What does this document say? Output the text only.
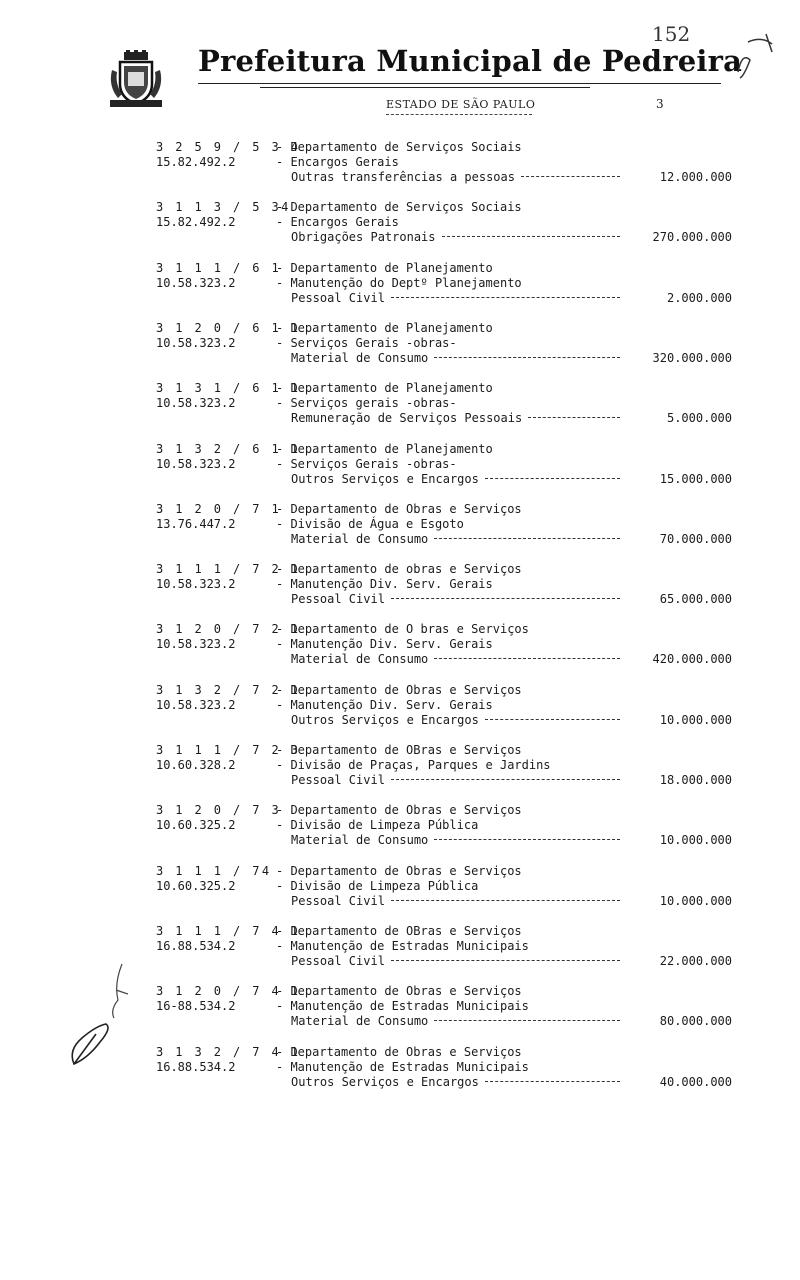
Prefeitura Municipal de Pedreira
ESTADO DE SÃO PAULO	3
152
3 2 5 9 / 5 3 4
15.82.492.2
- Departamento de Serviços Sociais
- Encargos Gerais
Outras transferências a pessoas	12.000.000
3 1 1 3 / 5 34
15.82.492.2
- Departamento de Serviços Sociais
- Encargos Gerais
Obrigações Patronais	270.000.000
3 1 1 1 / 6 1
10.58.323.2
- Departamento de Planejamento
- Manutenção do Deptº Planejamento
Pessoal Civil	2.000.000
3 1 2 0 / 6 1 1
10.58.323.2
- Departamento de Planejamento
- Serviços Gerais -obras-
Material de Consumo	320.000.000
3 1 3 1 / 6 1 1
10.58.323.2
- Departamento de Planejamento
- Serviços gerais -obras-
Remuneração de Serviços Pessoais	5.000.000
3 1 3 2 / 6 1 1
10.58.323.2
- Departamento de Planejamento
- Serviços Gerais -obras-
Outros Serviços e Encargos	15.000.000
3 1 2 0 / 7 1
13.76.447.2
- Departamento de Obras e Serviços
- Divisão de Água e Esgoto
Material de Consumo	70.000.000
3 1 1 1 / 7 2 1
10.58.323.2
- Departamento de obras e Serviços
- Manutenção Div. Serv. Gerais
Pessoal Civil	65.000.000
3 1 2 0 / 7 2 1
10.58.323.2
- Departamento de O bras e Serviços
- Manutenção Div. Serv. Gerais
Material de Consumo	420.000.000
3 1 3 2 / 7 2 1
10.58.323.2
- Departamento de Obras e Serviços
- Manutenção Div. Serv. Gerais
Outros Serviços e Encargos	10.000.000
3 1 1 1 / 7 2 3
10.60.328.2
- Departamento de OBras e Serviços
- Divisão de Praças, Parques e Jardins
Pessoal Civil	18.000.000
3 1 2 0 / 7 3
10.60.325.2
- Departamento de Obras e Serviços
- Divisão de Limpeza Pública
Material de Consumo	10.000.000
3 1 1 1 / 74
10.60.325.2
- Departamento de Obras e Serviços
- Divisão de Limpeza Pública
Pessoal Civil	10.000.000
3 1 1 1 / 7 4 1
16.88.534.2
- Departamento de OBras e Serviços
- Manutenção de Estradas Municipais
Pessoal Civil	22.000.000
3 1 2 0 / 7 4 1
16-88.534.2
- Departamento de Obras e Serviços
- Manutenção de Estradas Municipais
Material de Consumo	80.000.000
3 1 3 2 / 7 4 1
16.88.534.2
- Departamento de Obras e Serviços
- Manutenção de Estradas Municipais
Outros Serviços e Encargos	40.000.000
